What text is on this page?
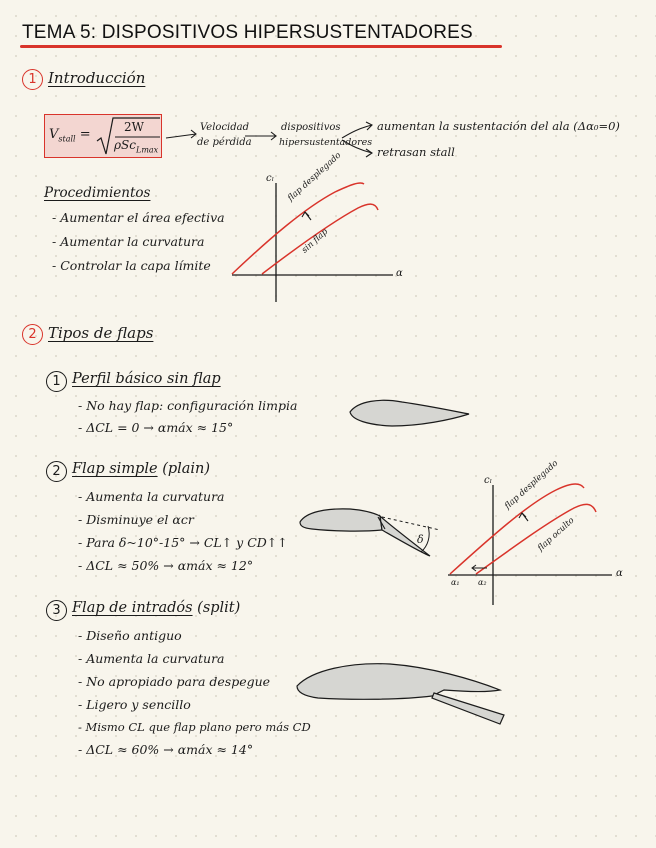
TEMA 5: DISPOSITIVOS HIPERSUSTENTADORES
1 Introducción
$V_{stall}$ =	2W
ρSc$_{Lmax}$
Velocidad
de pérdida
dispositivos
hipersustentadores
aumentan la sustentación del ala (Δα₀=0)
retrasan stall
Procedimientos
- Aumentar el área efectiva
- Aumentar la curvatura
- Controlar la capa límite
cₗ
α
flap desplegado
sin flap
2 Tipos de flaps
1 Perfil básico sin flap
- No hay flap: configuración limpia
- ΔCL = 0 → αmáx ≈ 15°
2 Flap simple (plain)
- Aumenta la curvatura
- Disminuye el αcr
- Para δ~10°-15° → CL↑ y CD↑↑
- ΔCL ≈ 50% → αmáx ≈ 12°
δ
cₗ
α
flap desplegado
flap oculto
α₁ α₂
3 Flap de intradós (split)
- Diseño antiguo
- Aumenta la curvatura
- No apropiado para despegue
- Ligero y sencillo
- Mismo CL que flap plano pero más CD
- ΔCL ≈ 60% → αmáx ≈ 14°
